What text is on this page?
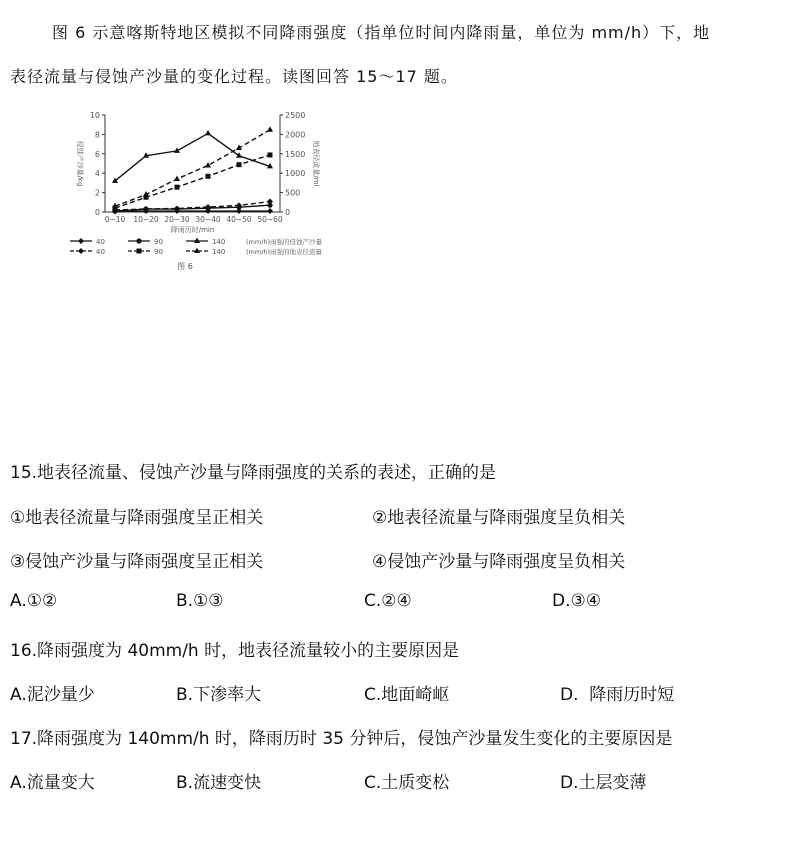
图 6 示意喀斯特地区模拟不同降雨强度（指单位时间内降雨量，单位为 mm/h）下，地
表径流量与侵蚀产沙量的变化过程。读图回答 15～17 题。
0
2
4
6
8
10
0
500
1000
1500
2000
2500
0~10 10~20 20~30 30~40 40~50 50~60
降雨历时/min
侵蚀产沙量/kg	地表径流量/ml
40	90	140	(mm/h)雨强的侵蚀产沙量
40	90	140	(mm/h)雨强的地表径流量
图 6
15.地表径流量、侵蚀产沙量与降雨强度的关系的表述，正确的是
①地表径流量与降雨强度呈正相关	②地表径流量与降雨强度呈负相关
③侵蚀产沙量与降雨强度呈正相关	④侵蚀产沙量与降雨强度呈负相关
A.①②	B.①③	C.②④	D.③④
16.降雨强度为 40mm/h 时，地表径流量较小的主要原因是
A.泥沙量少	B.下渗率大	C.地面崎岖	D.  降雨历时短
17.降雨强度为 140mm/h 时，降雨历时 35 分钟后，侵蚀产沙量发生变化的主要原因是
A.流量变大	B.流速变快	C.土质变松	D.土层变薄
